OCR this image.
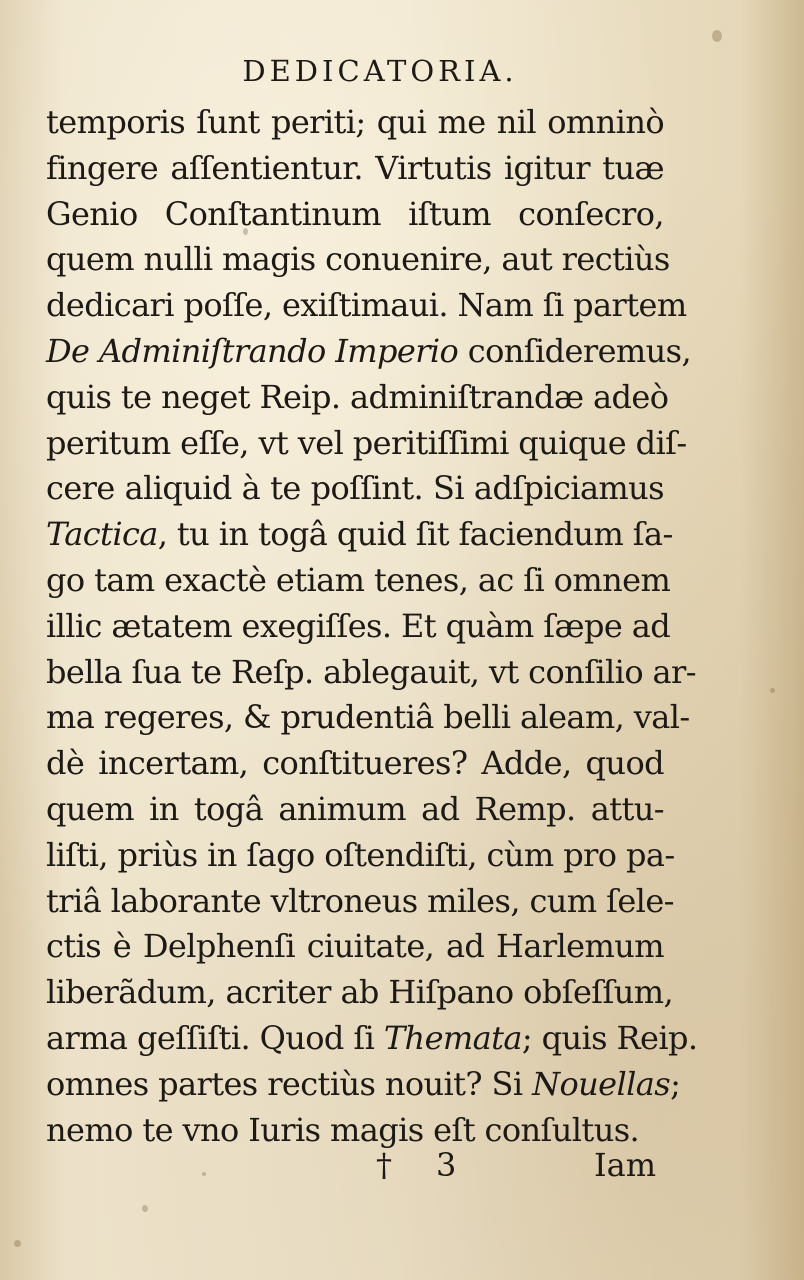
DEDICATORIA.
temporis ſunt periti; qui me nil omninò
fingere aſſentientur. Virtutis igitur tuæ
Genio Conſtantinum iſtum conſecro,
quem nulli magis conuenire, aut rectiùs
dedicari poſſe, exiſtimaui. Nam ſi partem
De Adminiſtrando Imperio conſideremus,
quis te neget Reip. adminiſtrandæ adeò
peritum eſſe, vt vel peritiſſimi quique diſ-
cere aliquid à te poſſint. Si adſpiciamus
Tactica, tu in togâ quid ſit faciendum ſa-
go tam exactè etiam tenes, ac ſi omnem
illic ætatem exegiſſes. Et quàm ſæpe ad
bella ſua te Reſp. ablegauit, vt conſilio ar-
ma regeres, & prudentiâ belli aleam, val-
dè incertam, conſtitueres? Adde, quod
quem in togâ animum ad Remp. attu-
liſti, priùs in ſago oſtendiſti, cùm pro pa-
triâ laborante vltroneus miles, cum ſele-
ctis è Delphenſi ciuitate, ad Harlemum
liberãdum, acriter ab Hiſpano obſeſſum,
arma geſſiſti. Quod ſi Themata; quis Reip.
omnes partes rectiùs nouit? Si Nouellas;
nemo te vno Iuris magis eſt conſultus.
† 3	Iam
